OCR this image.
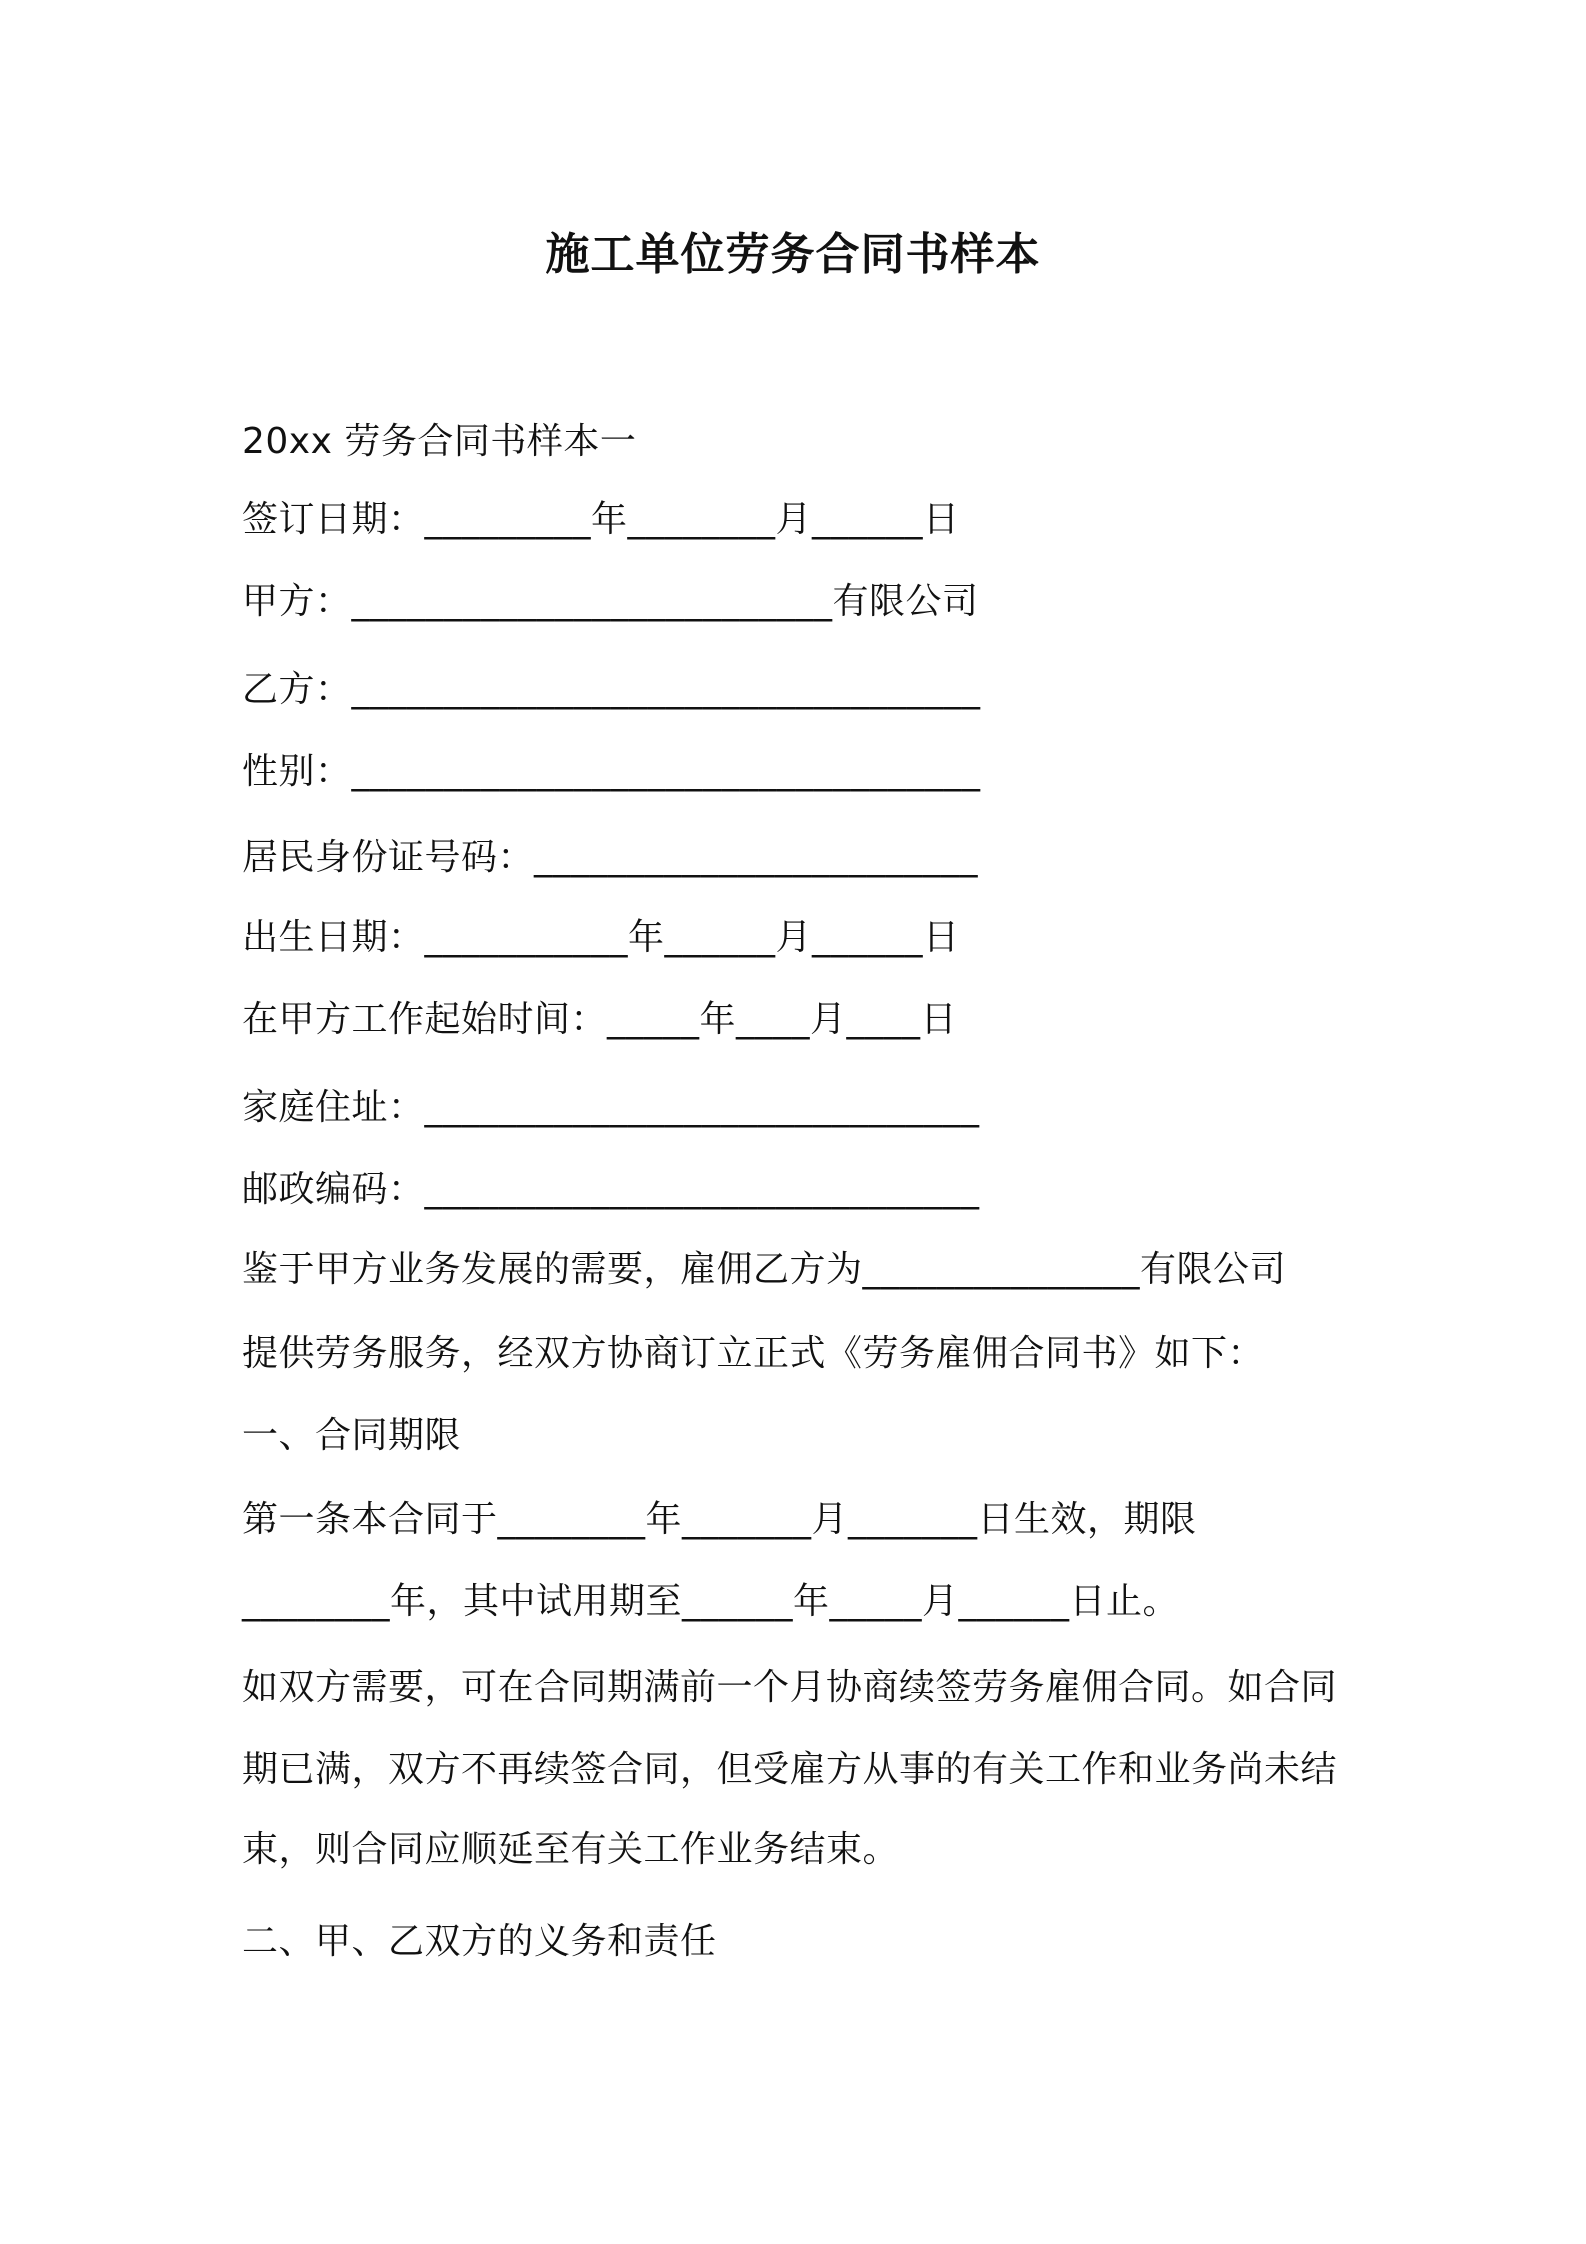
施工单位劳务合同书样本

20xx 劳务合同书样本一

签订日期：_________年________月______日

甲方：__________________________有限公司

乙方：__________________________________

性别：__________________________________

居民身份证号码：________________________

出生日期：___________年______月______日

在甲方工作起始时间：_____年____月____日

家庭住址：______________________________

邮政编码：______________________________

鉴于甲方业务发展的需要，雇佣乙方为_______________有限公司

提供劳务服务，经双方协商订立正式《劳务雇佣合同书》如下：

一、合同期限

第一条本合同于________年_______月_______日生效，期限

________年，其中试用期至______年_____月______日止。

如双方需要，可在合同期满前一个月协商续签劳务雇佣合同。如合同

期已满，双方不再续签合同，但受雇方从事的有关工作和业务尚未结

束，则合同应顺延至有关工作业务结束。

二、甲、乙双方的义务和责任
